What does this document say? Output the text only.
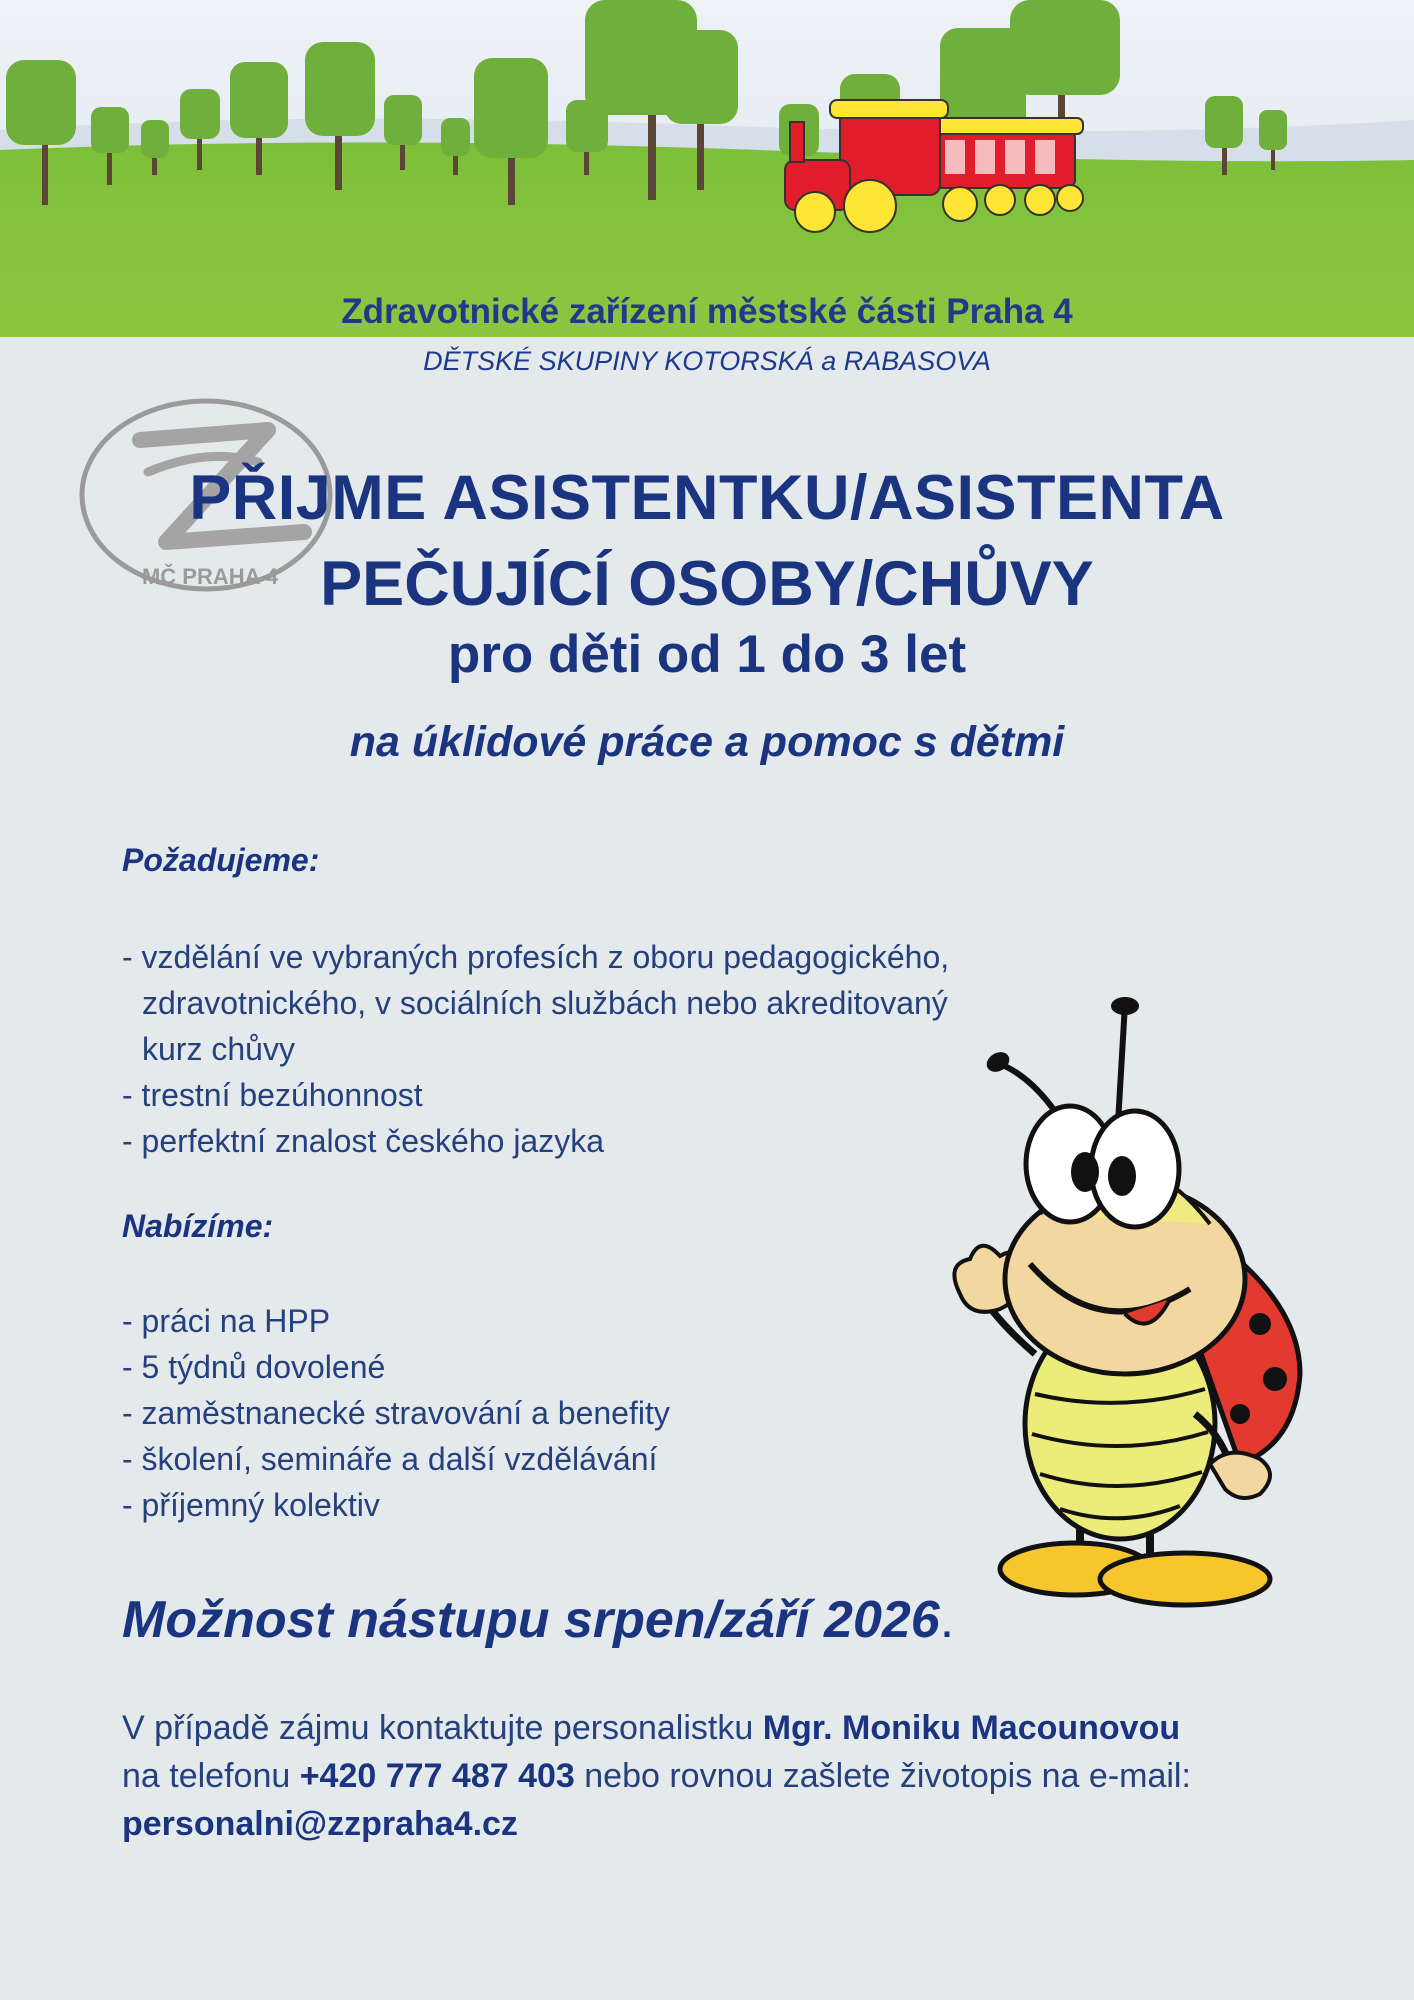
Zdravotnické zařízení městské části Praha 4
DĚTSKÉ SKUPINY KOTORSKÁ a RABASOVA
MČ PRAHA 4
PŘIJME ASISTENTKU/ASISTENTA
PEČUJÍCÍ OSOBY/CHŮVY
pro děti od 1 do 3 let
na úklidové práce a pomoc s dětmi
Požadujeme:
- vzdělání ve vybraných profesích z oboru pedagogického, zdravotnického, v sociálních službách nebo akreditovaný kurz chůvy
- trestní bezúhonnost
- perfektní znalost českého jazyka
Nabízíme:
- práci na HPP
- 5 týdnů dovolené
- zaměstnanecké stravování a benefity
- školení, semináře a další vzdělávání
- příjemný kolektiv
Možnost nástupu srpen/září 2026.
V případě zájmu kontaktujte personalistku Mgr. Moniku Macounovou
na telefonu +420 777 487 403 nebo rovnou zašlete životopis na e-mail:
personalni@zzpraha4.cz
